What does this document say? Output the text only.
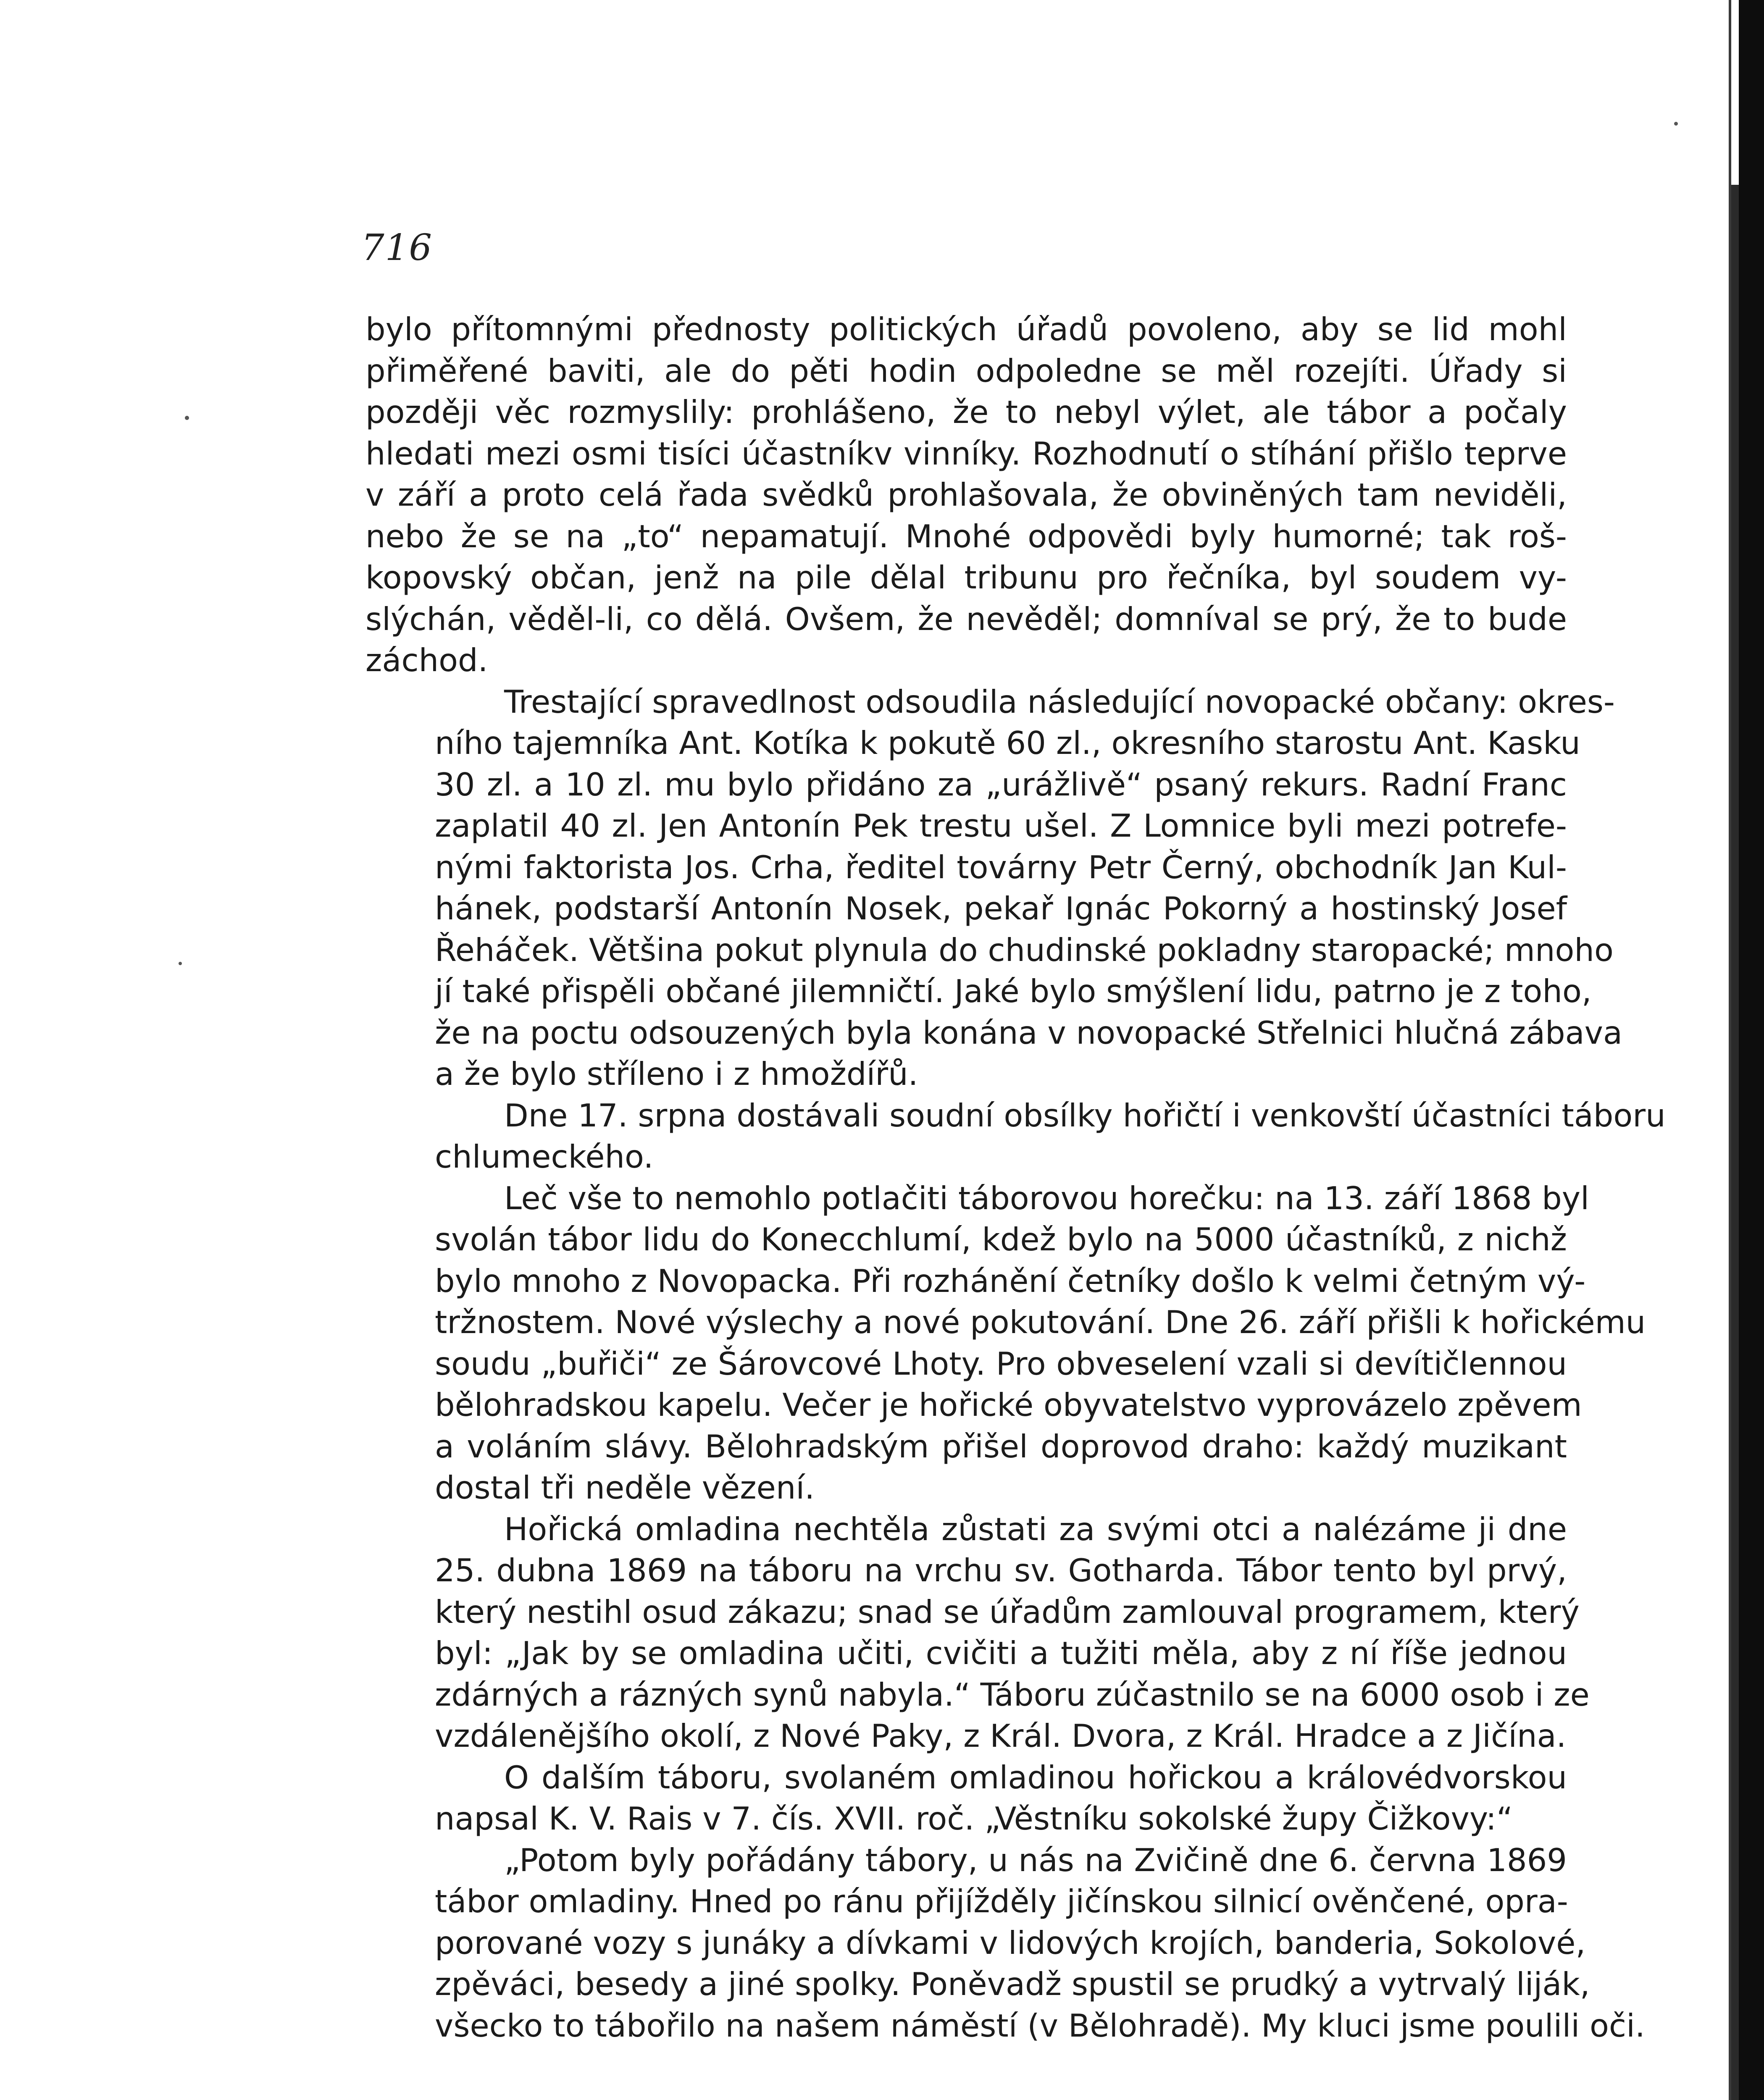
716
bylo přítomnými přednosty politických úřadů povoleno, aby se lid mohl
přiměřené baviti, ale do pěti hodin odpoledne se měl rozejíti. Úřady si
později věc rozmyslily: prohlášeno, že to nebyl výlet, ale tábor a počaly
hledati mezi osmi tisíci účastníkv vinníky. Rozhodnutí o stíhání přišlo teprve
v září a proto celá řada svědků prohlašovala, že obviněných tam neviděli,
nebo že se na „to“ nepamatují. Mnohé odpovědi byly humorné; tak roš-
kopovský občan, jenž na pile dělal tribunu pro řečníka, byl soudem vy-
slýchán, věděl-li, co dělá. Ovšem, že nevěděl; domníval se prý, že to bude
záchod.
Trestající spravedlnost odsoudila následující novopacké občany: okres-
ního tajemníka Ant. Kotíka k pokutě 60 zl., okresního starostu Ant. Kasku
30 zl. a 10 zl. mu bylo přidáno za „urážlivě“ psaný rekurs. Radní Franc
zaplatil 40 zl. Jen Antonín Pek trestu ušel. Z Lomnice byli mezi potrefe-
nými faktorista Jos. Crha, ředitel továrny Petr Černý, obchodník Jan Kul-
hánek, podstarší Antonín Nosek, pekař Ignác Pokorný a hostinský Josef
Řeháček. Většina pokut plynula do chudinské pokladny staropacké; mnoho
jí také přispěli občané jilemničtí. Jaké bylo smýšlení lidu, patrno je z toho,
že na poctu odsouzených byla konána v novopacké Střelnici hlučná zábava
a že bylo stříleno i z hmoždířů.
Dne 17. srpna dostávali soudní obsílky hořičtí i venkovští účastníci táboru
chlumeckého.
Leč vše to nemohlo potlačiti táborovou horečku: na 13. září 1868 byl
svolán tábor lidu do Konecchlumí, kdež bylo na 5000 účastníků, z nichž
bylo mnoho z Novopacka. Při rozhánění četníky došlo k velmi četným vý-
tržnostem. Nové výslechy a nové pokutování. Dne 26. září přišli k hořickému
soudu „buřiči“ ze Šárovcové Lhoty. Pro obveselení vzali si devítičlennou
bělohradskou kapelu. Večer je hořické obyvatelstvo vyprovázelo zpěvem
a voláním slávy. Bělohradským přišel doprovod draho: každý muzikant
dostal tři neděle vězení.
Hořická omladina nechtěla zůstati za svými otci a nalézáme ji dne
25. dubna 1869 na táboru na vrchu sv. Gotharda. Tábor tento byl prvý,
který nestihl osud zákazu; snad se úřadům zamlouval programem, který
byl: „Jak by se omladina učiti, cvičiti a tužiti měla, aby z ní říše jednou
zdárných a rázných synů nabyla.“ Táboru zúčastnilo se na 6000 osob i ze
vzdálenějšího okolí, z Nové Paky, z Král. Dvora, z Král. Hradce a z Jičína.
O dalším táboru, svolaném omladinou hořickou a královédvorskou
napsal K. V. Rais v 7. čís. XVII. roč. „Věstníku sokolské župy Čižkovy:“
„Potom byly pořádány tábory, u nás na Zvičině dne 6. června 1869
tábor omladiny. Hned po ránu přijížděly jičínskou silnicí ověnčené, opra-
porované vozy s junáky a dívkami v lidových krojích, banderia, Sokolové,
zpěváci, besedy a jiné spolky. Poněvadž spustil se prudký a vytrvalý liják,
všecko to tábořilo na našem náměstí (v Bělohradě). My kluci jsme poulili oči.
